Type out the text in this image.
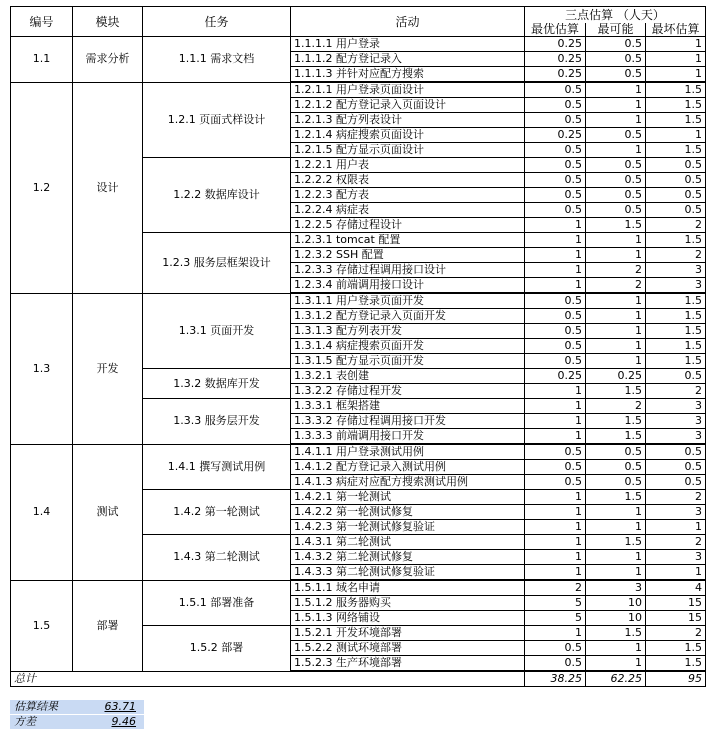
编号	模块	任务	活动	三点估算 （人天）		
				最优估算	最可能	最坏估算
1.1	需求分析	1.1.1 需求文档	1.1.1.1 用户登录	0.25	0.5	1
			1.1.1.2 配方登记录入	0.25	0.5	1
			1.1.1.3 并针对应配方搜索	0.25	0.5	1
1.2	设计	1.2.1 页面式样设计	1.2.1.1 用户登录页面设计	0.5	1	1.5
			1.2.1.2 配方登记录入页面设计	0.5	1	1.5
			1.2.1.3 配方列表设计	0.5	1	1.5
			1.2.1.4 病症搜索页面设计	0.25	0.5	1
			1.2.1.5 配方显示页面设计	0.5	1	1.5
		1.2.2 数据库设计	1.2.2.1 用户表	0.5	0.5	0.5
			1.2.2.2 权限表	0.5	0.5	0.5
			1.2.2.3 配方表	0.5	0.5	0.5
			1.2.2.4 病症表	0.5	0.5	0.5
			1.2.2.5 存储过程设计	1	1.5	2
		1.2.3 服务层框架设计	1.2.3.1 tomcat 配置	1	1	1.5
			1.2.3.2 SSH 配置	1	1	2
			1.2.3.3 存储过程调用接口设计	1	2	3
			1.2.3.4 前端调用接口设计	1	2	3
1.3	开发	1.3.1 页面开发	1.3.1.1 用户登录页面开发	0.5	1	1.5
			1.3.1.2 配方登记录入页面开发	0.5	1	1.5
			1.3.1.3 配方列表开发	0.5	1	1.5
			1.3.1.4 病症搜索页面开发	0.5	1	1.5
			1.3.1.5 配方显示页面开发	0.5	1	1.5
		1.3.2 数据库开发	1.3.2.1 表创建	0.25	0.25	0.5
			1.3.2.2 存储过程开发	1	1.5	2
		1.3.3 服务层开发	1.3.3.1 框架搭建	1	2	3
			1.3.3.2 存储过程调用接口开发	1	1.5	3
			1.3.3.3 前端调用接口开发	1	1.5	3
1.4	测试	1.4.1 撰写测试用例	1.4.1.1 用户登录测试用例	0.5	0.5	0.5
			1.4.1.2 配方登记录入测试用例	0.5	0.5	0.5
			1.4.1.3 病症对应配方搜索测试用例	0.5	0.5	0.5
		1.4.2 第一轮测试	1.4.2.1 第一轮测试	1	1.5	2
			1.4.2.2 第一轮测试修复	1	1	3
			1.4.2.3 第一轮测试修复验证	1	1	1
		1.4.3 第二轮测试	1.4.3.1 第二轮测试	1	1.5	2
			1.4.3.2 第二轮测试修复	1	1	3
			1.4.3.3 第二轮测试修复验证	1	1	1
1.5	部署	1.5.1 部署准备	1.5.1.1 域名申请	2	3	4
			1.5.1.2 服务器购买	5	10	15
			1.5.1.3 网络铺设	5	10	15
		1.5.2 部署	1.5.2.1 开发环境部署	1	1.5	2
			1.5.2.2 测试环境部署	0.5	1	1.5
			1.5.2.3 生产环境部署	0.5	1	1.5
总计				38.25	62.25	95
估算结果	63.71
方差	9.46
